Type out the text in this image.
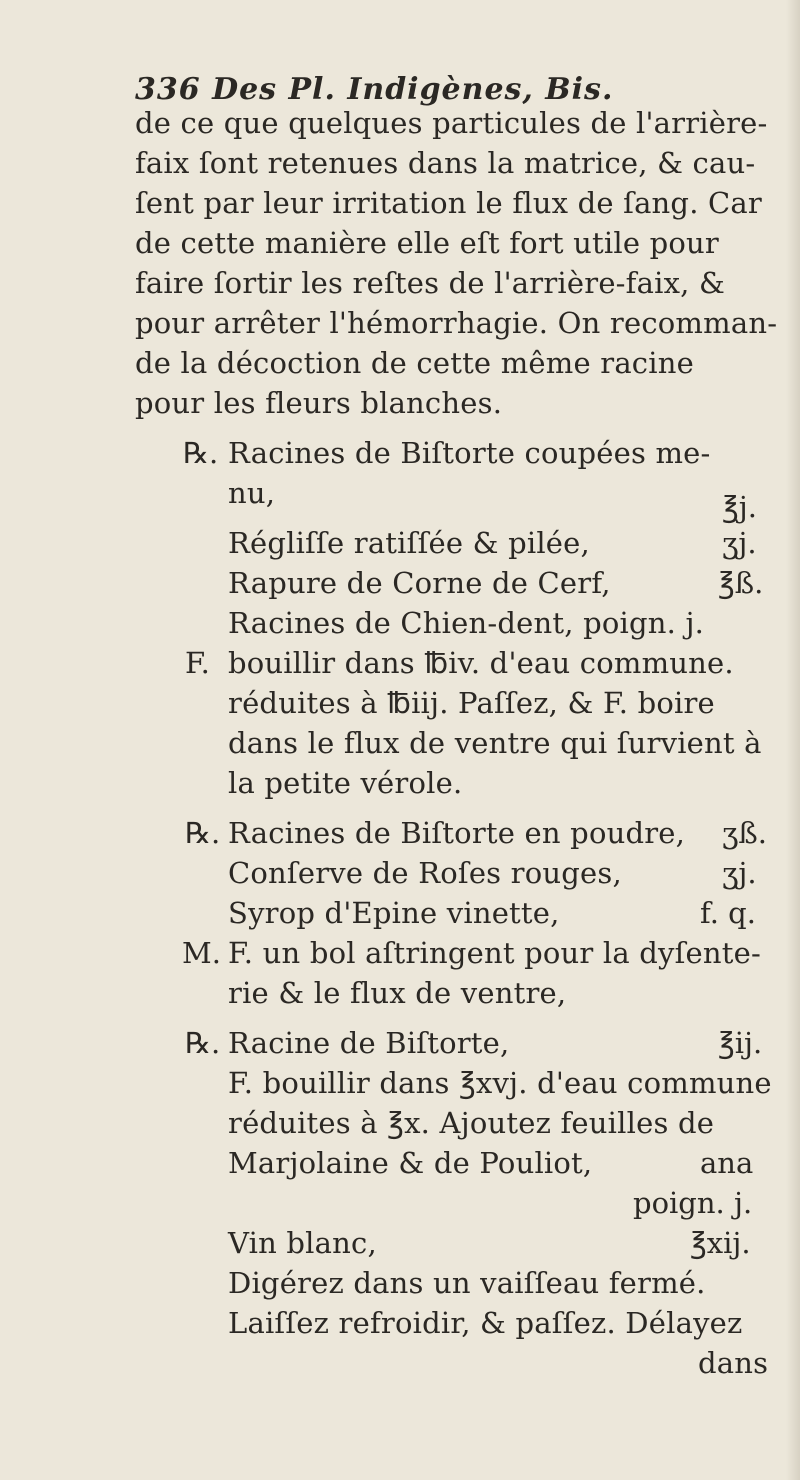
336 Des Pl. Indigènes, Bis.
de ce que quelques particules de l'arrière-
faix ſont retenues dans la matrice, & cau-
ſent par leur irritation le flux de ſang. Car
de cette manière elle eſt fort utile pour
faire ſortir les reſtes de l'arrière-faix, &
pour arrêter l'hémorrhagie. On recomman-
de la décoction de cette même racine
pour les fleurs blanches.
℞. Racines de Biſtorte coupées me-
nu,	℥j.
Régliſſe ratiſſée & pilée,	ʒj.
Rapure de Corne de Cerf,	℥ß.
Racines de Chien-dent, poign. j.
F. bouillir dans ℔iv. d'eau commune.
réduites à ℔iij. Paſſez, & F. boire
dans le flux de ventre qui ſurvient à
la petite vérole.
℞. Racines de Biſtorte en poudre, ʒß.
Conſerve de Roſes rouges,	ʒj.
Syrop d'Epine vinette,	f. q.
M. F. un bol aſtringent pour la dyſente-
rie & le flux de ventre,
℞. Racine de Biſtorte,	℥ij.
F. bouillir dans ℥xvj. d'eau commune
réduites à ℥x. Ajoutez feuilles de
Marjolaine & de Pouliot,	ana
poign. j.
Vin blanc,	℥xij.
Digérez dans un vaiſſeau fermé.
Laiſſez refroidir, & paſſez. Délayez
dans
